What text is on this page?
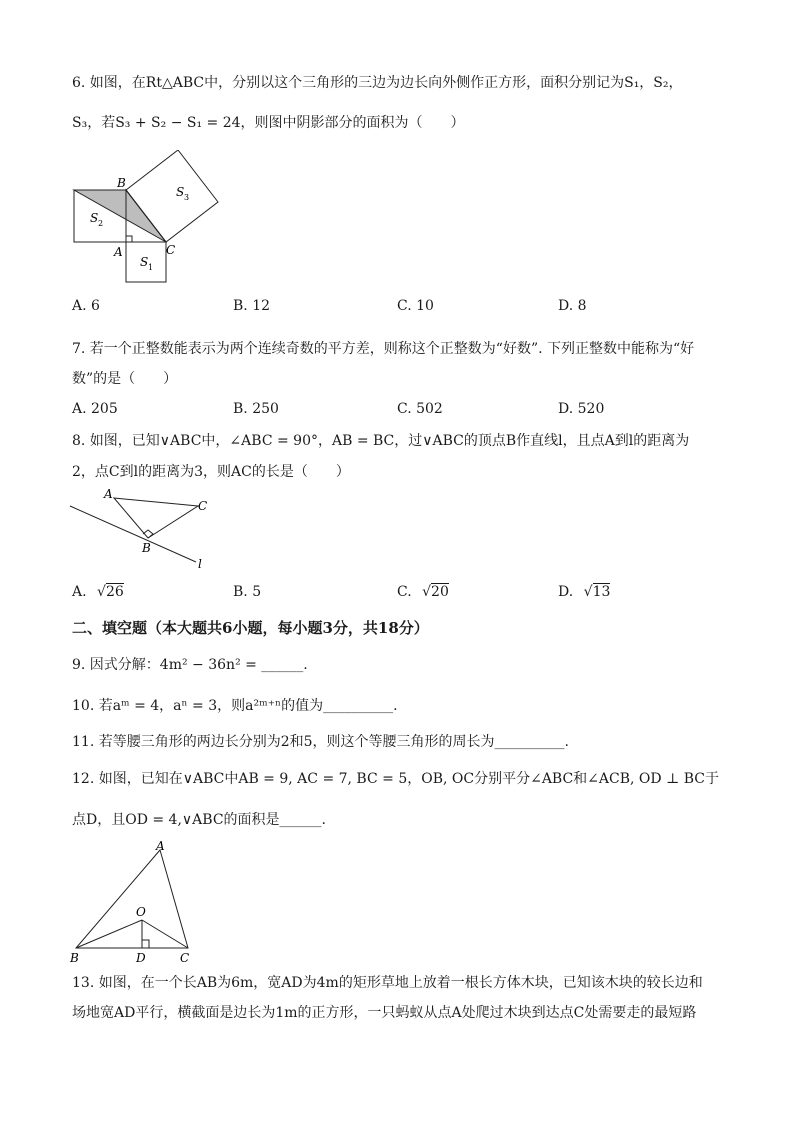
6. 如图，在Rt△ABC中，分别以这个三角形的三边为边长向外侧作正方形，面积分别记为S₁，S₂，
S₃，若S₃ + S₂ − S₁ = 24，则图中阴影部分的面积为（　　）
B
A	C
S 1
S 2
S 3
A. 6	B. 12	C. 10	D. 8
7. 若一个正整数能表示为两个连续奇数的平方差，则称这个正整数为“好数”. 下列正整数中能称为“好
数”的是（　　）
A. 205	B. 250	C. 502	D. 520
8. 如图，已知∨ABC中，∠ABC = 90°，AB = BC，过∨ABC的顶点B作直线l，且点A到l的距离为
2，点C到l的距离为3，则AC的长是（　　）
A
C
B
l
A. √26	B. 5	C. √20	D. √13
二、填空题（本大题共6小题，每小题3分，共18分）
9. 因式分解：4m² − 36n² = ______.
10. 若aᵐ = 4，aⁿ = 3，则a²ᵐ⁺ⁿ的值为__________.
11. 若等腰三角形的两边长分别为2和5，则这个等腰三角形的周长为__________.
12. 如图，已知在∨ABC中AB = 9, AC = 7, BC = 5，OB, OC分别平分∠ABC和∠ACB, OD ⊥ BC于
点D，且OD = 4,∨ABC的面积是______.
A
O
B	D	C
13. 如图，在一个长AB为6m，宽AD为4m的矩形草地上放着一根长方体木块，已知该木块的较长边和
场地宽AD平行，横截面是边长为1m的正方形，一只蚂蚁从点A处爬过木块到达点C处需要走的最短路
